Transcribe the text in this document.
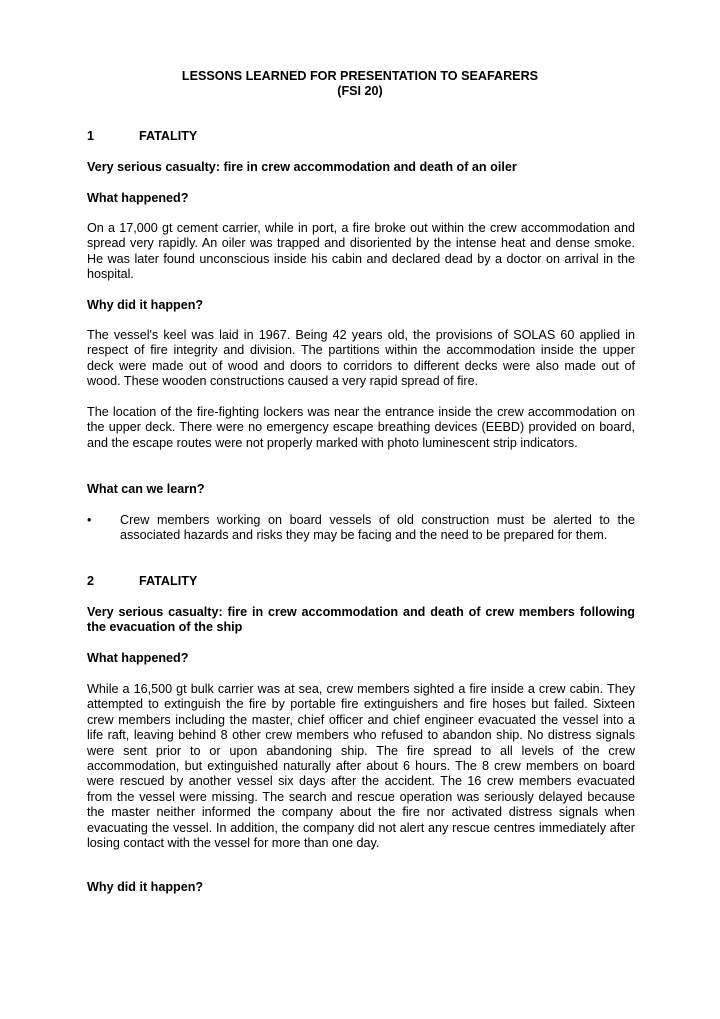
LESSONS LEARNED FOR PRESENTATION TO SEAFARERS
(FSI 20)
1	FATALITY
Very serious casualty: fire in crew accommodation and death of an oiler
What happened?
On a 17,000 gt cement carrier, while in port, a fire broke out within the crew accommodation and spread very rapidly. An oiler was trapped and disoriented by the intense heat and dense smoke. He was later found unconscious inside his cabin and declared dead by a doctor on arrival in the hospital.
Why did it happen?
The vessel's keel was laid in 1967. Being 42 years old, the provisions of SOLAS 60 applied in respect of fire integrity and division. The partitions within the accommodation inside the upper deck were made out of wood and doors to corridors to different decks were also made out of wood. These wooden constructions caused a very rapid spread of fire.
The location of the fire-fighting lockers was near the entrance inside the crew accommodation on the upper deck. There were no emergency escape breathing devices (EEBD) provided on board, and the escape routes were not properly marked with photo luminescent strip indicators.
What can we learn?
•	Crew members working on board vessels of old construction must be alerted to the associated hazards and risks they may be facing and the need to be prepared for them.
2	FATALITY
Very serious casualty: fire in crew accommodation and death of crew members following the evacuation of the ship
What happened?
While a 16,500 gt bulk carrier was at sea, crew members sighted a fire inside a crew cabin. They attempted to extinguish the fire by portable fire extinguishers and fire hoses but failed. Sixteen crew members including the master, chief officer and chief engineer evacuated the vessel into a life raft, leaving behind 8 other crew members who refused to abandon ship. No distress signals were sent prior to or upon abandoning ship. The fire spread to all levels of the crew accommodation, but extinguished naturally after about 6 hours. The 8 crew members on board were rescued by another vessel six days after the accident. The 16 crew members evacuated from the vessel were missing. The search and rescue operation was seriously delayed because the master neither informed the company about the fire nor activated distress signals when evacuating the vessel. In addition, the company did not alert any rescue centres immediately after losing contact with the vessel for more than one day.
Why did it happen?
